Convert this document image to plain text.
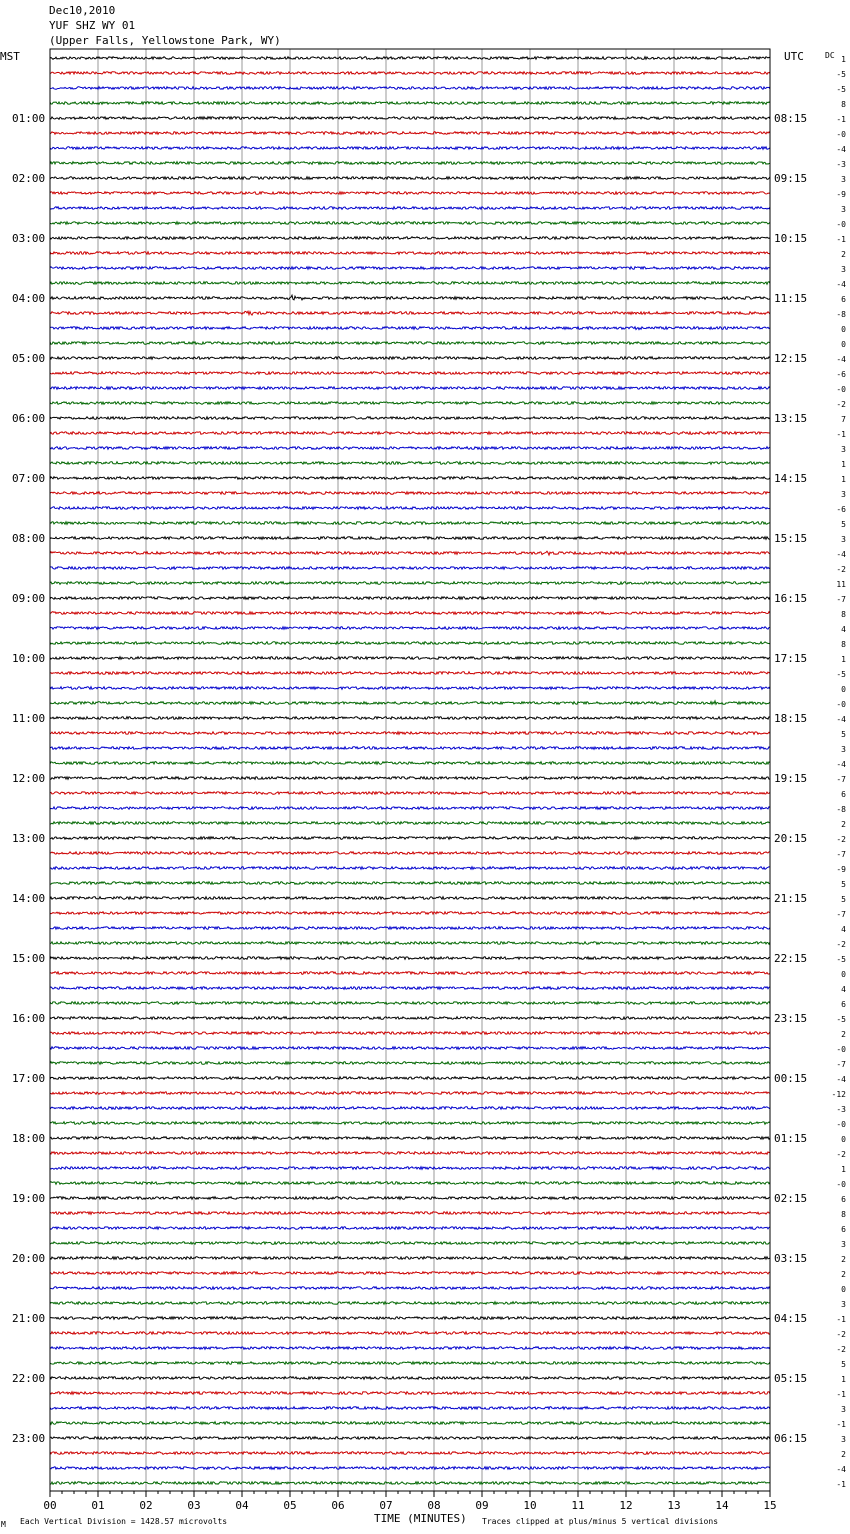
00	01	02	03	04	05	06	07	08	09	10	11	12	13	14	15
Dec10,2010
YUF SHZ WY 01
(Upper Falls, Yellowstone Park, WY)
MST	UTC	DC
01:00
02:00
03:00
04:00
05:00
06:00
07:00
08:00
09:00
10:00
11:00
12:00
13:00
14:00
15:00
16:00
17:00
18:00
19:00
20:00
21:00
22:00
23:00
08:15
09:15
10:15
11:15
12:15
13:15
14:15
15:15
16:15
17:15
18:15
19:15
20:15
21:15
22:15
23:15
00:15
01:15
02:15
03:15
04:15
05:15
06:15
1
-5
-5
8
-1
-0
-4
-3
3
-9
3
-0
-1
2
3
-4
6
-8
0
0
-4
-6
-0
-2
7
-1
3
1
1
3
-6
5
3
-4
-2
11
-7
8
4
8
1
-5
0
-0
-4
5
3
-4
-7
6
-8
2
-2
-7
-9
5
5
-7
4
-2
-5
0
4
6
-5
2
-0
-7
-4
-12
-3
-0
0
-2
1
-0
6
8
6
3
2
2
0
3
-1
-2
-2
5
1
-1
3
-1
3
2
-4
-1
M Each Vertical Division = 1428.57 microvolts	TIME (MINUTES) Traces clipped at plus/minus 5 vertical divisions
